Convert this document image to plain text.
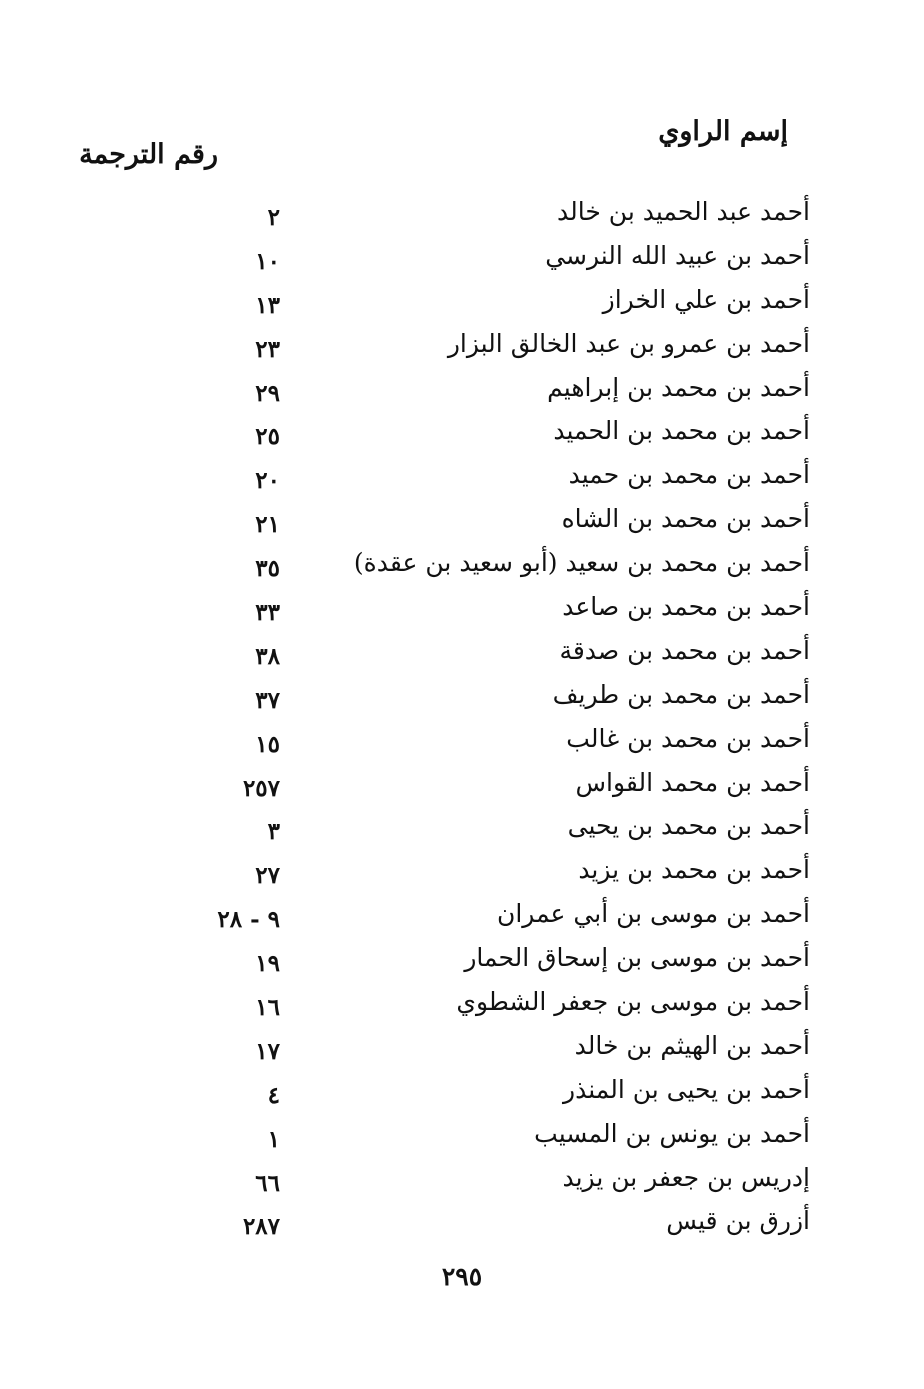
إسم الراوي
رقم الترجمة
أحمد عبد الحميد بن خالد
٢
أحمد بن عبيد الله النرسي
١٠
أحمد بن علي الخراز
١٣
أحمد بن عمرو بن عبد الخالق البزار
٢٣
أحمد بن محمد بن إبراهيم
٢٩
أحمد بن محمد بن الحميد
٢٥
أحمد بن محمد بن حميد
٢٠
أحمد بن محمد بن الشاه
٢١
أحمد بن محمد بن سعيد (أبو سعيد بن عقدة)
٣٥
أحمد بن محمد بن صاعد
٣٣
أحمد بن محمد بن صدقة
٣٨
أحمد بن محمد بن طريف
٣٧
أحمد بن محمد بن غالب
١٥
أحمد بن محمد القواس
٢٥٧
أحمد بن محمد بن يحيى
٣
أحمد بن محمد بن يزيد
٢٧
أحمد بن موسى بن أبي عمران
٩ - ٢٨
أحمد بن موسى بن إسحاق الحمار
١٩
أحمد بن موسى بن جعفر الشطوي
١٦
أحمد بن الهيثم بن خالد
١٧
أحمد بن يحيى بن المنذر
٤
أحمد بن يونس بن المسيب
١
إدريس بن جعفر بن يزيد
٦٦
أزرق بن قيس
٢٨٧
٢٩٥
